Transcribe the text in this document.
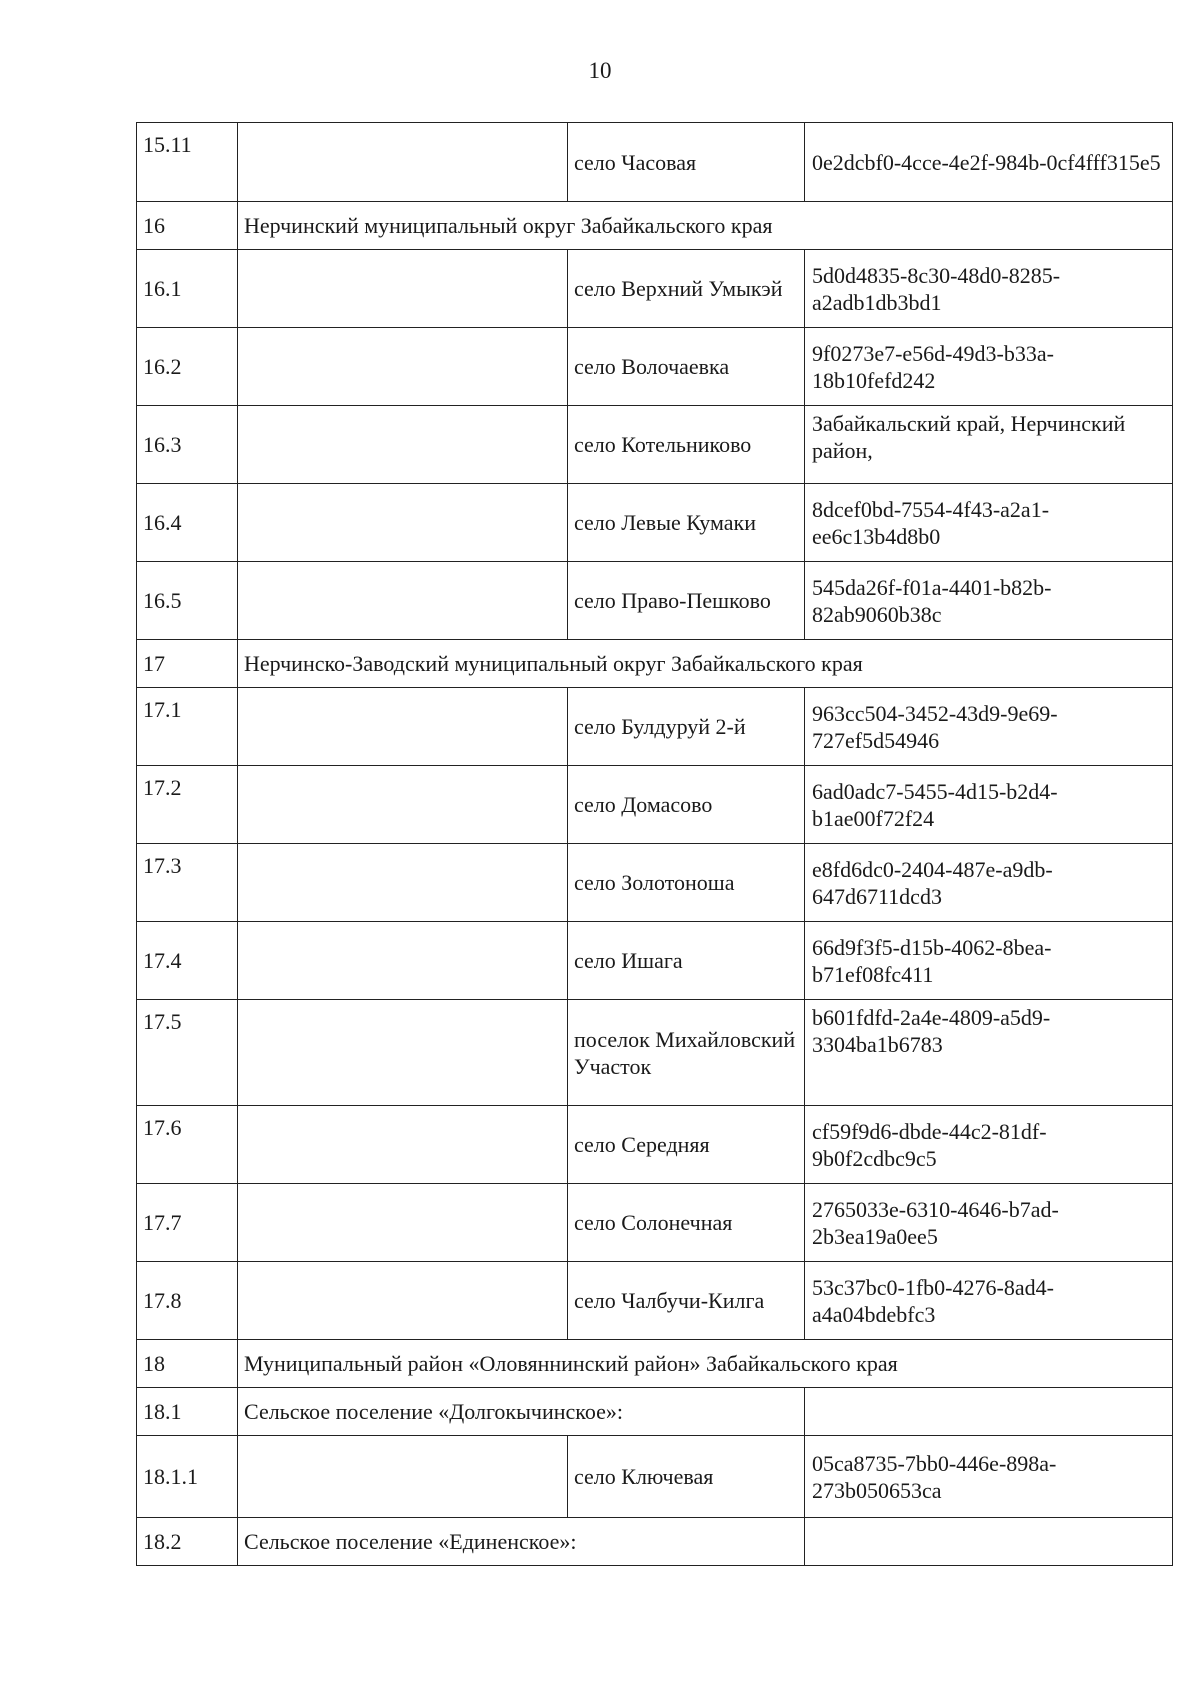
10
15.11		село Часовая	0e2dcbf0-4cce-4e2f-984b-0cf4fff315e5
16	Нерчинский муниципальный округ Забайкальского края		
16.1		село Верхний Умыкэй	5d0d4835-8c30-48d0-8285-a2adb1db3bd1
16.2		село Волочаевка	9f0273e7-e56d-49d3-b33a-18b10fefd242
16.3		село Котельниково	Забайкальский край, Нерчинский район,
16.4		село Левые Кумаки	8dcef0bd-7554-4f43-a2a1-ee6c13b4d8b0
16.5		село Право-Пешково	545da26f-f01a-4401-b82b-82ab9060b38c
17	Нерчинско-Заводский муниципальный округ Забайкальского края		
17.1		село Булдуруй 2-й	963cc504-3452-43d9-9e69-727ef5d54946
17.2		село Домасово	6ad0adc7-5455-4d15-b2d4-b1ae00f72f24
17.3		село Золотоноша	e8fd6dc0-2404-487e-a9db-647d6711dcd3
17.4		село Ишага	66d9f3f5-d15b-4062-8bea-b71ef08fc411
17.5		поселок Михайловский Участок	b601fdfd-2a4e-4809-a5d9-3304ba1b6783
17.6		село Середняя	cf59f9d6-dbde-44c2-81df-9b0f2cdbc9c5
17.7		село Солонечная	2765033e-6310-4646-b7ad-2b3ea19a0ee5
17.8		село Чалбучи-Килга	53c37bc0-1fb0-4276-8ad4-a4a04bdebfc3
18	Муниципальный район «Оловяннинский район» Забайкальского края		
18.1	Сельское поселение «Долгокычинское»:		
18.1.1		село Ключевая	05ca8735-7bb0-446e-898a-273b050653ca
18.2	Сельское поселение «Единенское»:		
